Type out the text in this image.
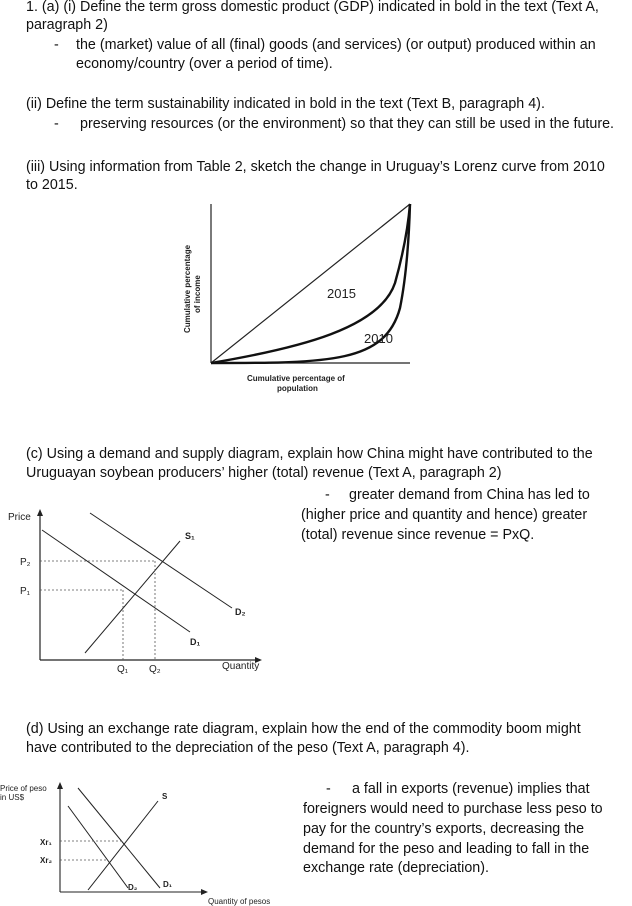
1. (a) (i) Define the term gross domestic product (GDP) indicated in bold in the text (Text A,
paragraph 2)
- the (market) value of all (final) goods (and services) (or output) produced within an
economy/country (over a period of time).
(ii) Define the term sustainability indicated in bold in the text (Text B, paragraph 4).
- preserving resources (or the environment) so that they can still be used in the future.
(iii) Using information from Table 2, sketch the change in Uruguay’s Lorenz curve from 2010
to 2015.
2015
2010
Cumulative percentage of income
Cumulative percentage of
population
(c) Using a demand and supply diagram, explain how China might have contributed to the
Uruguayan soybean producers’ higher (total) revenue (Text A, paragraph 2)
- greater demand from China has led to
(higher price and quantity and hence) greater
(total) revenue since revenue = PxQ.
Price
P₂
P₁
Q₁ Q₂	Quantity
S₁
D₂
D₁
(d) Using an exchange rate diagram, explain how the end of the commodity boom might
have contributed to the depreciation of the peso (Text A, paragraph 4).
- a fall in exports (revenue) implies that
foreigners would need to purchase less peso to
pay for the country’s exports, decreasing the
demand for the peso and leading to fall in the
exchange rate (depreciation).
Price of peso
in US$
Xr₁
Xr₂
S
D₂	D₁
Quantity of pesos
